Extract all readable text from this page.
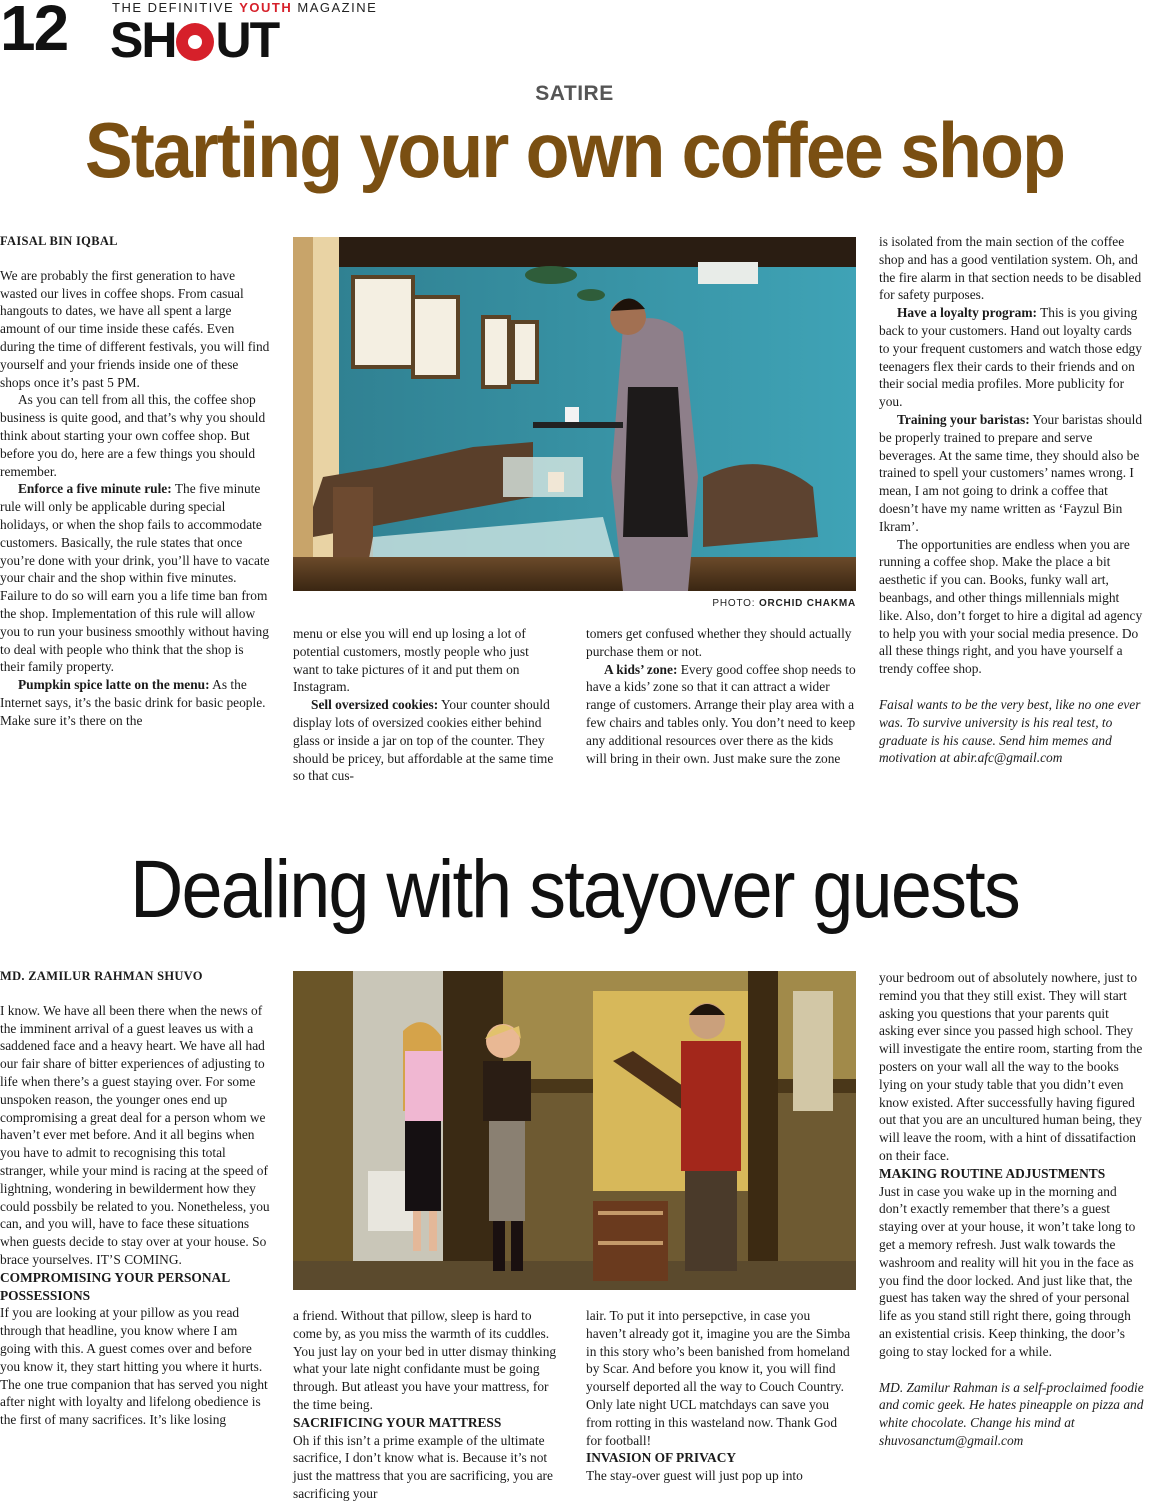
12	THE DEFINITIVE YOUTH MAGAZINE
SH UT
SATIRE
Starting your own coffee shop

FAISAL BIN IQBAL

We are probably the first generation to have wasted our lives in coffee shops. From casual hangouts to dates, we have all spent a large amount of our time inside these cafés. Even during the time of different festivals, you will find yourself and your friends inside one of these shops once it’s past 5 PM.

As you can tell from all this, the coffee shop business is quite good, and that’s why you should think about starting your own coffee shop. But before you do, here are a few things you should remember.

Enforce a five minute rule: The five minute rule will only be applicable during special holidays, or when the shop fails to accommodate customers. Basically, the rule states that once you’re done with your drink, you’ll have to vacate your chair and the shop within five minutes. Failure to do so will earn you a life time ban from the shop. Implementation of this rule will allow you to run your business smoothly without having to deal with people who think that the shop is their family property.

Pumpkin spice latte on the menu: As the Internet says, it’s the basic drink for basic people. Make sure it’s there on the

PHOTO: ORCHID CHAKMA

menu or else you will end up losing a lot of potential customers, mostly people who just want to take pictures of it and put them on Instagram.

Sell oversized cookies: Your counter should display lots of oversized cookies either behind glass or inside a jar on top of the counter. They should be pricey, but affordable at the same time so that cus-

tomers get confused whether they should actually purchase them or not.

A kids’ zone: Every good coffee shop needs to have a kids’ zone so that it can attract a wider range of customers. Arrange their play area with a few chairs and tables only. You don’t need to keep any additional resources over there as the kids will bring in their own. Just make sure the zone

is isolated from the main section of the coffee shop and has a good ventilation system. Oh, and the fire alarm in that section needs to be disabled for safety purposes.

Have a loyalty program: This is you giving back to your customers. Hand out loyalty cards to your frequent customers and watch those edgy teenagers flex their cards to their friends and on their social media profiles. More publicity for you.

Training your baristas: Your baristas should be properly trained to prepare and serve beverages. At the same time, they should also be trained to spell your customers’ names wrong. I mean, I am not going to drink a coffee that doesn’t have my name written as ‘Fayzul Bin Ikram’.

The opportunities are endless when you are running a coffee shop. Make the place a bit aesthetic if you can. Books, funky wall art, beanbags, and other things millennials might like. Also, don’t forget to hire a digital ad agency to help you with your social media presence. Do all these things right, and you have yourself a trendy coffee shop.

Faisal wants to be the very best, like no one ever was. To survive university is his real test, to graduate is his cause. Send him memes and motivation at abir.afc@gmail.com

Dealing with stayover guests

MD. ZAMILUR RAHMAN SHUVO

I know. We have all been there when the news of the imminent arrival of a guest leaves us with a saddened face and a heavy heart. We have all had our fair share of bitter experiences of adjusting to life when there’s a guest staying over. For some unspoken reason, the younger ones end up compromising a great deal for a person whom we haven’t ever met before. And it all begins when you have to admit to recognising this total stranger, while your mind is racing at the speed of lightning, wondering in bewilderment how they could possbily be related to you. Nonetheless, you can, and you will, have to face these situations when guests decide to stay over at your house. So brace yourselves. IT’S COMING.

COMPROMISING YOUR PERSONAL POSSESSIONS

If you are looking at your pillow as you read through that headline, you know where I am going with this. A guest comes over and before you know it, they start hitting you where it hurts. The one true companion that has served you night after night with loyalty and lifelong obedience is the first of many sacrifices. It’s like losing

a friend. Without that pillow, sleep is hard to come by, as you miss the warmth of its cuddles. You just lay on your bed in utter dismay thinking what your late night confidante must be going through. But atleast you have your mattress, for the time being.

SACRIFICING YOUR MATTRESS

Oh if this isn’t a prime example of the ultimate sacrifice, I don’t know what is. Because it’s not just the mattress that you are sacrificing, you are sacrificing your

lair. To put it into persepctive, in case you haven’t already got it, imagine you are the Simba in this story who’s been banished from homeland by Scar. And before you know it, you will find yourself deported all the way to Couch Country. Only late night UCL matchdays can save you from rotting in this wasteland now. Thank God for football!

INVASION OF PRIVACY

The stay-over guest will just pop up into

your bedroom out of absolutely nowhere, just to remind you that they still exist. They will start asking you questions that your parents quit asking ever since you passed high school. They will investigate the entire room, starting from the posters on your wall all the way to the books lying on your study table that you didn’t even know existed. After successfully having figured out that you are an uncultured human being, they will leave the room, with a hint of dissatifaction on their face.

MAKING ROUTINE ADJUSTMENTS

Just in case you wake up in the morning and don’t exactly remember that there’s a guest staying over at your house, it won’t take long to get a memory refresh. Just walk towards the washroom and reality will hit you in the face as you find the door locked. And just like that, the guest has taken way the shred of your personal life as you stand still right there, going through an existential crisis. Keep thinking, the door’s going to stay locked for a while.

MD. Zamilur Rahman is a self-proclaimed foodie and comic geek. He hates pineapple on pizza and white chocolate. Change his mind at shuvosanctum@gmail.com
